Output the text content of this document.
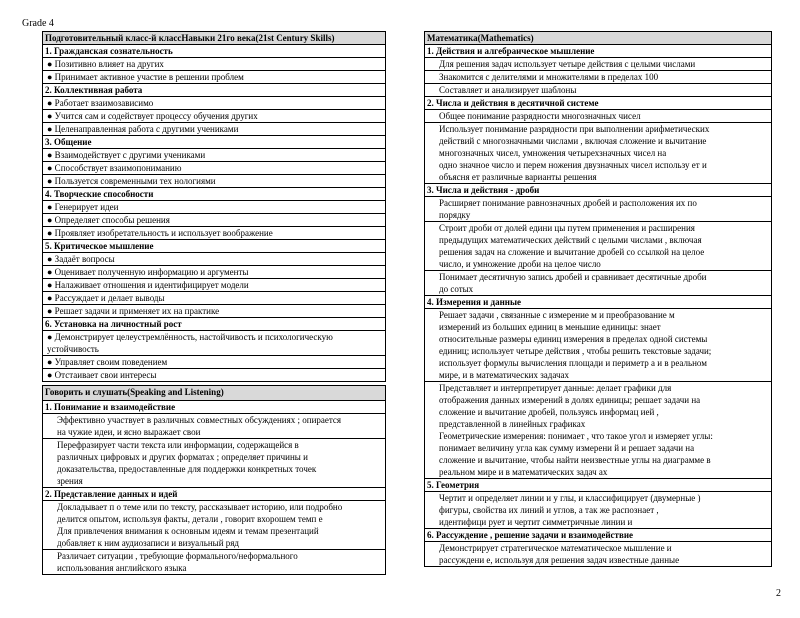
Grade 4
Подготовительный класс-й классНавыки 21го века(21st Century Skills)
1. Гражданская сознательность
● Позитивно влияет на других
● Принимает активное участие в решении проблем
2. Коллективная работа
● Работает взаимозависимо
● Учится сам и содействует процессу обучения других
● Целенаправленная работа с другими учениками
3. Общение
● Взаимодействует с другими учениками
● Способствует взаимопониманию
● Пользуется современными тех нологиями
4. Творческие способности
● Генерирует идеи
● Определяет способы решения
● Проявляет изобретательность и использует воображение
5. Критическое мышление
● Задаёт вопросы
● Оценивает полученную информацию и аргументы
● Налаживает отношения и идентифицирует модели
● Рассуждает и делает выводы
● Решает задачи и применяет их на практике
6. Установка на личностный рост
● Демонстрирует целеустремлённость, настойчивость и психологическую
устойчивость
● Управляет своим поведением
● Отстаивает свои интересы
Говорить и слушать(Speaking and Listening)
1. Понимание и взаимодействие
Эффективно участвует в различных совместных обсуждениях ; опирается
на чужие идеи, и ясно выражает свои
Перефразирует части текста или информации, содержащейся в
различных цифровых и других форматах ; определяет причины и
доказательства, предоставленные для поддержки конкретных точек
зрения
2. Представление данных и идей
Докладывает п о теме или по тексту, рассказывает историю, или подробно
делится опытом, используя факты, детали , говорит вхорошем темп е
Для привлечения внимания к основным идеям и темам презентаций
добавляет к ним аудиозаписи и визуальный ряд
Различает ситуации , требующие формального/неформального
использования английского языка
Математика(Mathematics)
1. Действия и алгебраическое мышление
Для решения задач использует четыре действия с целыми числами
Знакомится с делителями и множителями в пределах 100
Составляет и анализирует шаблоны
2. Числа и действия в десятичной системе
Общее понимание разрядности многозначных чисел
Использует понимание разрядности при выполнении арифметических
действий с многозначными числами , включая сложение и вычитание
многозначных чисел, умножения четырехзначных чисел на
одно значное число и перем ножения двузначных чисел использу ет и
объясня ет различные варианты решения
3. Числа и действия - дроби
Расширяет понимание равнозначных дробей и расположения их по
порядку
Строит дроби от долей едини цы путем применения и расширения
предыдущих математических действий с целыми числами , включая
решения задач на сложение и вычитание дробей со ссылкой на целое
число, и умножение дроби на целое число
Понимает десятичную запись дробей и сравнивает десятичные дроби
до сотых
4. Измерения и данные
Решает задачи , связанные с измерение м и преобразование м
измерений из больших единиц в меньшие единицы: знает
относительные размеры единиц измерения в пределах одной системы
единиц; использует четыре действия , чтобы решить текстовые задачи;
использует формулы вычисления площади и периметр а и в реальном
мире, и в математических задачах
Представляет и интерпретирует данные: делает графики для
отображения данных измерений в долях единицы; решает задачи на
сложение и вычитание дробей, пользуясь информац ией ,
представленной в линейных графиках
Геометрические измерения: понимает , что такое угол и измеряет углы:
понимает величину угла как сумму измерени й и решает задачи на
сложение и вычитание, чтобы найти неизвестные углы на диаграмме в
реальном мире и в математических задач ах
5. Геометрия
Чертит и определяет линии и у глы, и классифицирует (двумерные )
фигуры, свойства их линий и углов, а так же распознает ,
идентифици рует и чертит симметричные линии и
6. Рассуждение , решение задачи и взаимодействие
Демонстрирует стратегическое математическое мышление и
рассуждени е, используя для решения задач известные данные
2
